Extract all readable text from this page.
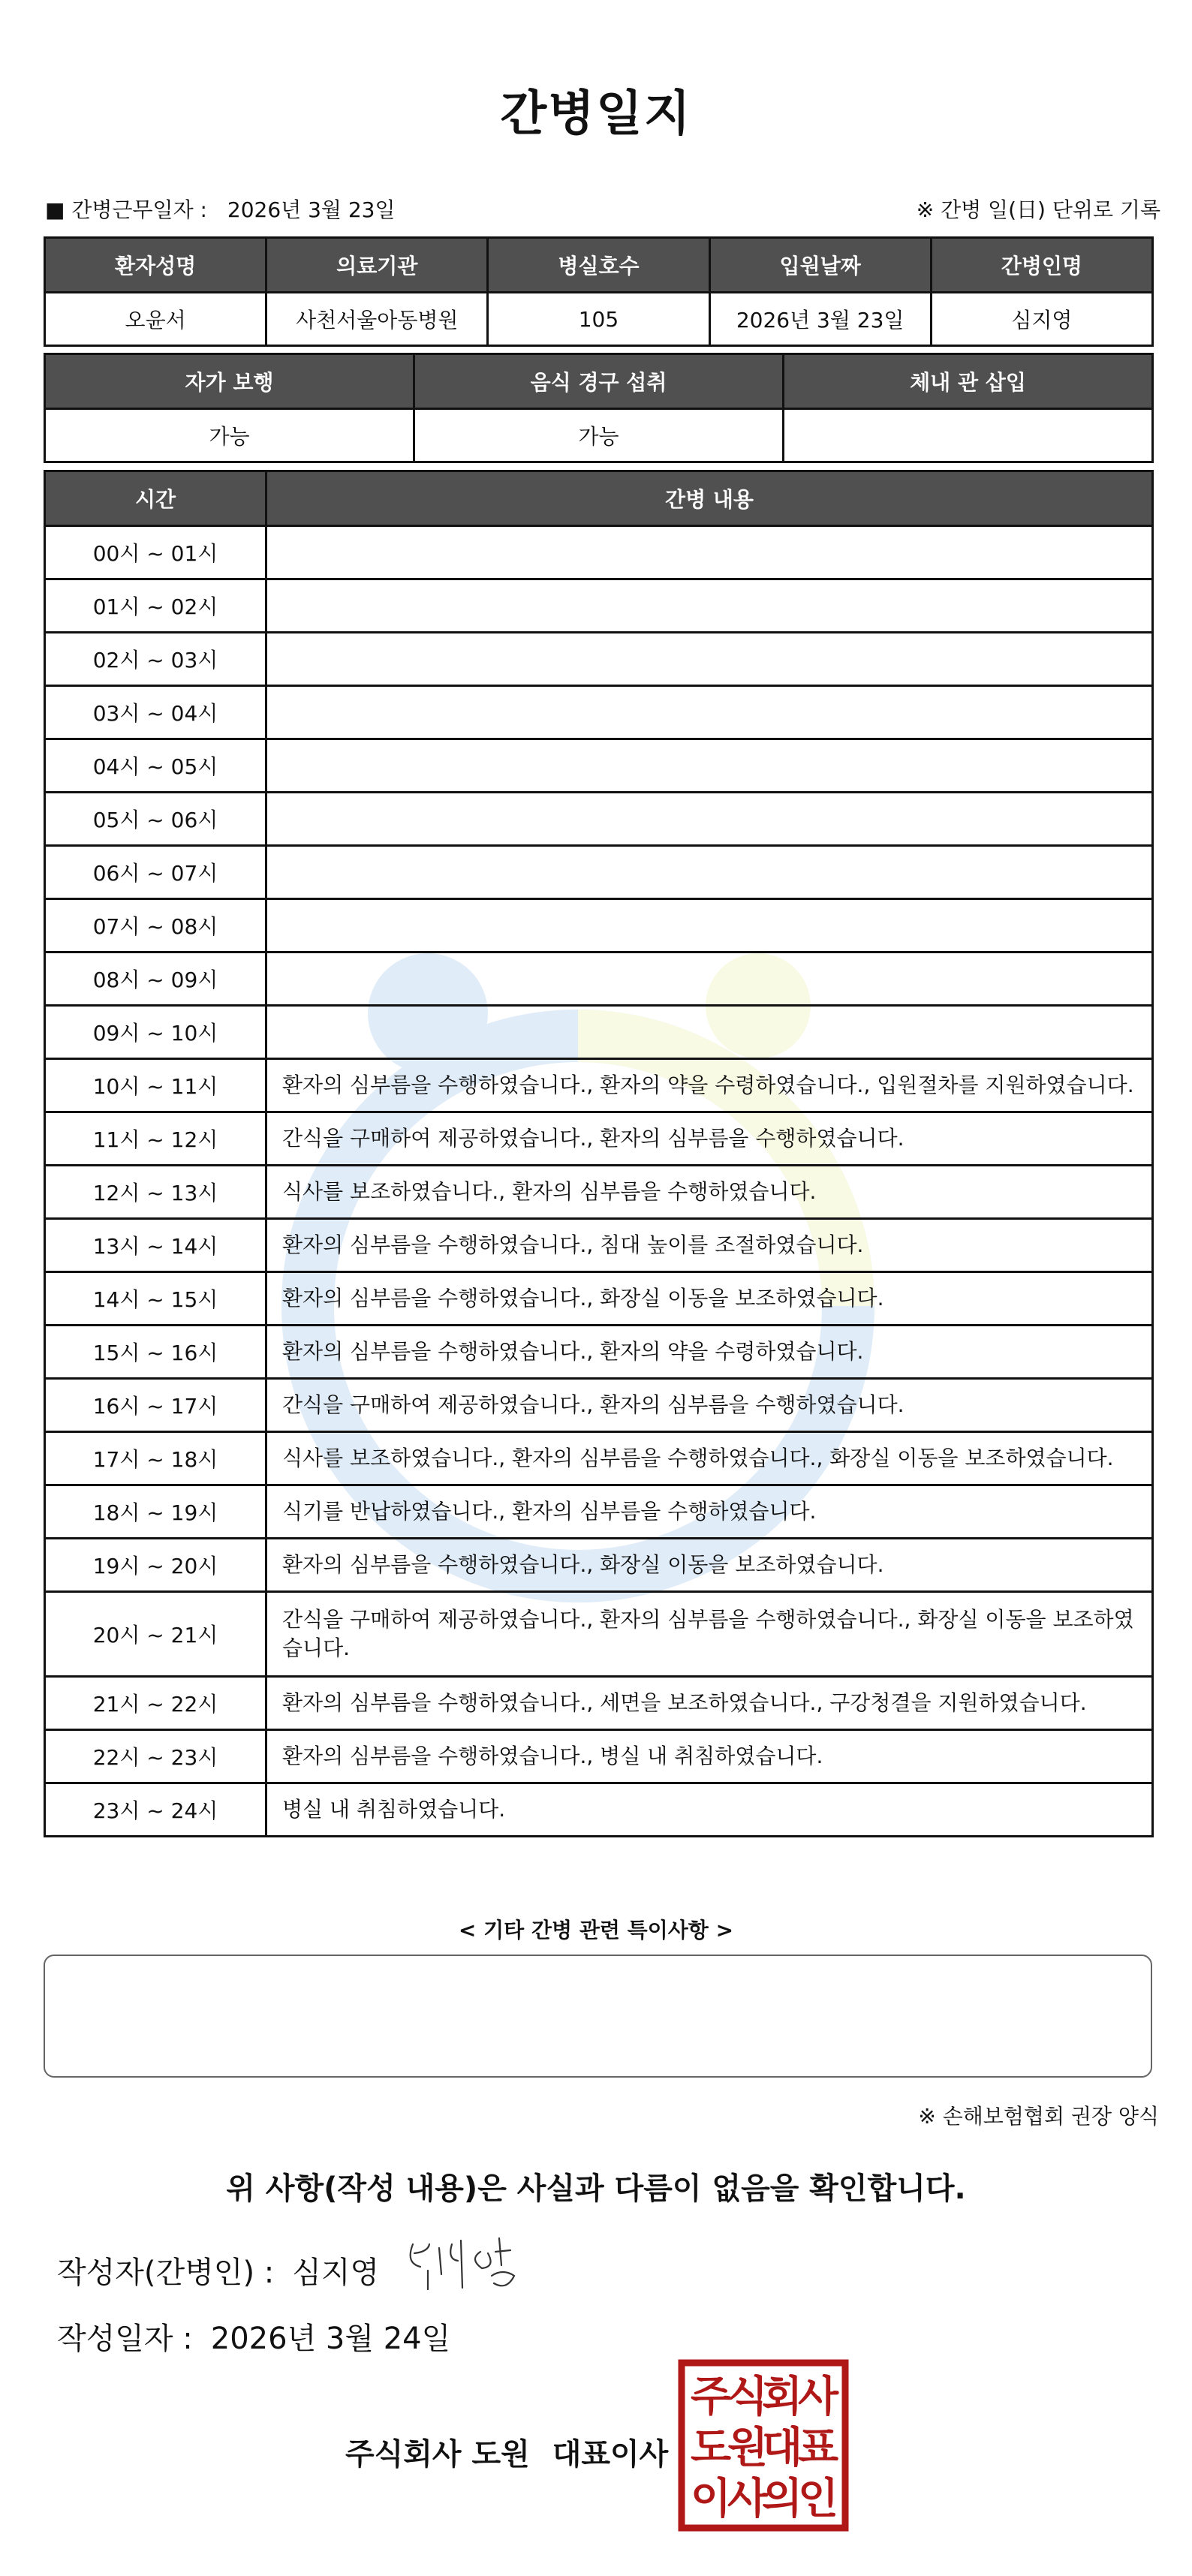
간병일지
■ 간병근무일자 : 2026년 3월 23일	※ 간병 일(日) 단위로 기록
환자성명	의료기관	병실호수	입원날짜	간병인명
오윤서	사천서울아동병원	105	2026년 3월 23일	심지영
자가 보행	음식 경구 섭취	체내 관 삽입
가능	가능	
시간	간병 내용
00시 ~ 01시	
01시 ~ 02시	
02시 ~ 03시	
03시 ~ 04시	
04시 ~ 05시	
05시 ~ 06시	
06시 ~ 07시	
07시 ~ 08시	
08시 ~ 09시	
09시 ~ 10시	
10시 ~ 11시	환자의 심부름을 수행하였습니다., 환자의 약을 수령하였습니다., 입원절차를 지원하였습니다.
11시 ~ 12시	간식을 구매하여 제공하였습니다., 환자의 심부름을 수행하였습니다.
12시 ~ 13시	식사를 보조하였습니다., 환자의 심부름을 수행하였습니다.
13시 ~ 14시	환자의 심부름을 수행하였습니다., 침대 높이를 조절하였습니다.
14시 ~ 15시	환자의 심부름을 수행하였습니다., 화장실 이동을 보조하였습니다.
15시 ~ 16시	환자의 심부름을 수행하였습니다., 환자의 약을 수령하였습니다.
16시 ~ 17시	간식을 구매하여 제공하였습니다., 환자의 심부름을 수행하였습니다.
17시 ~ 18시	식사를 보조하였습니다., 환자의 심부름을 수행하였습니다., 화장실 이동을 보조하였습니다.
18시 ~ 19시	식기를 반납하였습니다., 환자의 심부름을 수행하였습니다.
19시 ~ 20시	환자의 심부름을 수행하였습니다., 화장실 이동을 보조하였습니다.
20시 ~ 21시	간식을 구매하여 제공하였습니다., 환자의 심부름을 수행하였습니다., 화장실 이동을 보조하였습니다.
21시 ~ 22시	환자의 심부름을 수행하였습니다., 세면을 보조하였습니다., 구강청결을 지원하였습니다.
22시 ~ 23시	환자의 심부름을 수행하였습니다., 병실 내 취침하였습니다.
23시 ~ 24시	병실 내 취침하였습니다.
< 기타 간병 관련 특이사항 >
※ 손해보험협회 권장 양식
위 사항(작성 내용)은 사실과 다름이 없음을 확인합니다.
작성자(간병인) : 심지영
작성일자 : 2026년 3월 24일
주식회사 도원 대표이사
주
식
회
사
도
원
대
표
이
사
의
인
